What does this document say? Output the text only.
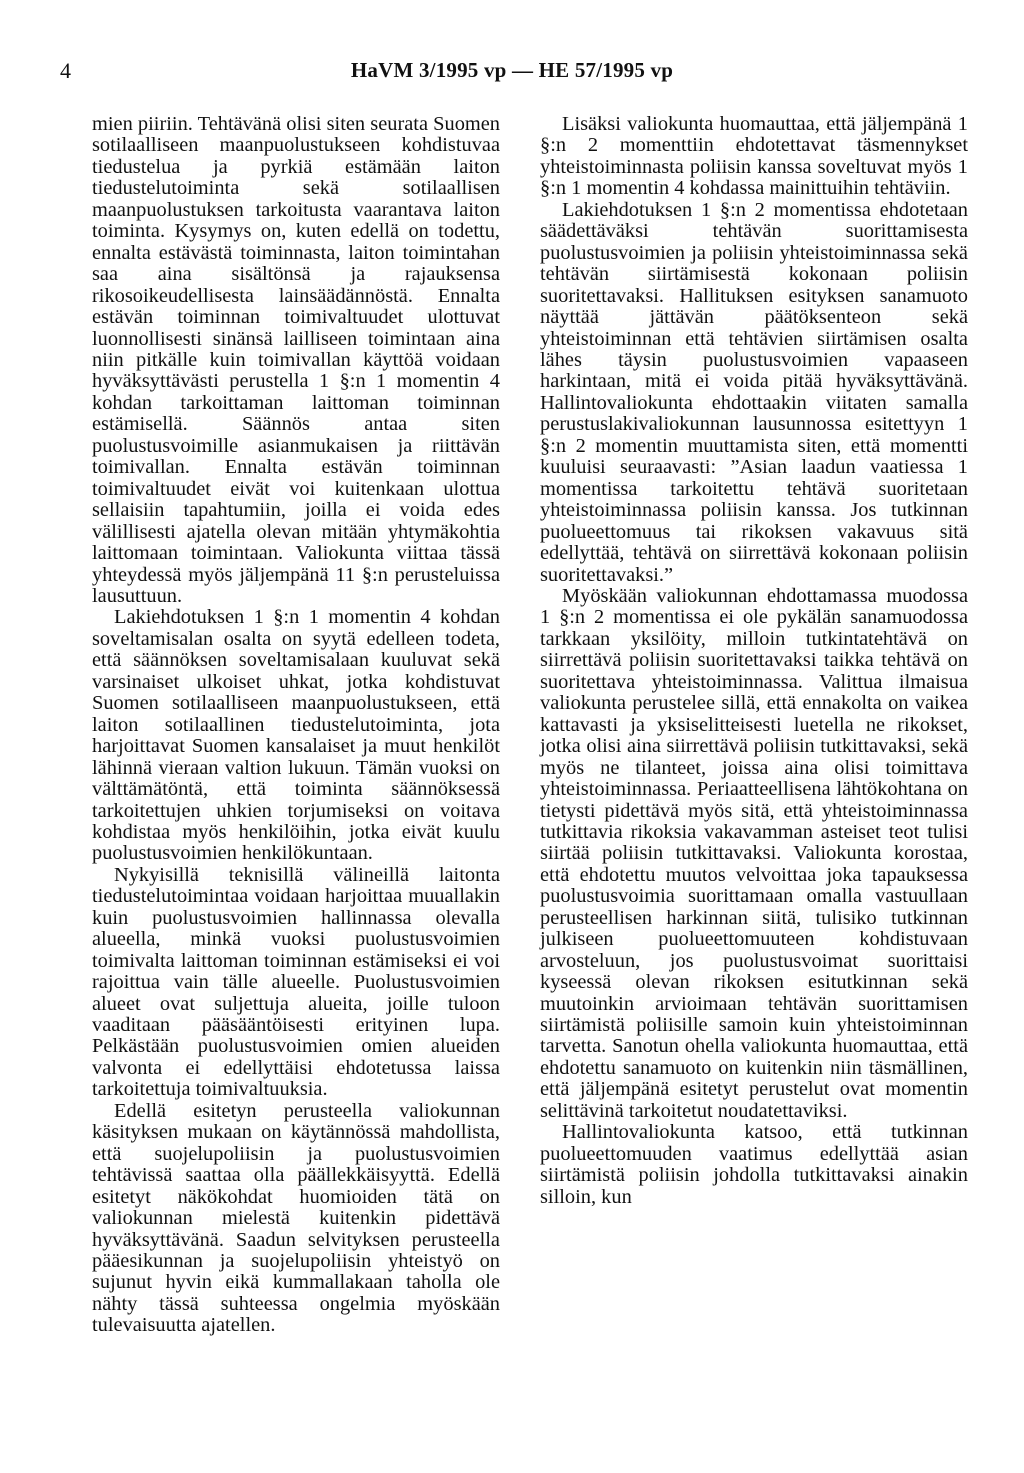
4	HaVM 3/1995 vp — HE 57/1995 vp

mien piiriin. Tehtävänä olisi siten seurata Suomen sotilaalliseen maanpuolustukseen kohdistuvaa tiedustelua ja pyrkiä estämään laiton tiedustelutoiminta sekä sotilaallisen maanpuolustuksen tarkoitusta vaarantava laiton toiminta. Kysymys on, kuten edellä on todettu, ennalta estävästä toiminnasta, laiton toimintahan saa aina sisältönsä ja rajauksensa rikosoikeudellisesta lainsäädännöstä. Ennalta estävän toiminnan toimivaltuudet ulottuvat luonnollisesti sinänsä lailliseen toimintaan aina niin pitkälle kuin toimivallan käyttöä voidaan hyväksyttävästi perustella 1 §:n 1 momentin 4 kohdan tarkoittaman laittoman toiminnan estämisellä. Säännös antaa siten puolustusvoimille asianmukaisen ja riittävän toimivallan. Ennalta estävän toiminnan toimivaltuudet eivät voi kuitenkaan ulottua sellaisiin tapahtumiin, joilla ei voida edes välillisesti ajatella olevan mitään yhtymäkohtia laittomaan toimintaan. Valiokunta viittaa tässä yhteydessä myös jäljempänä 11 §:n perusteluissa lausuttuun.

Lakiehdotuksen 1 §:n 1 momentin 4 kohdan soveltamisalan osalta on syytä edelleen todeta, että säännöksen soveltamisalaan kuuluvat sekä varsinaiset ulkoiset uhkat, jotka kohdistuvat Suomen sotilaalliseen maanpuolustukseen, että laiton sotilaallinen tiedustelutoiminta, jota harjoittavat Suomen kansalaiset ja muut henkilöt lähinnä vieraan valtion lukuun. Tämän vuoksi on välttämätöntä, että toiminta säännöksessä tarkoitettujen uhkien torjumiseksi on voitava kohdistaa myös henkilöihin, jotka eivät kuulu puolustusvoimien henkilökuntaan.

Nykyisillä teknisillä välineillä laitonta tiedustelutoimintaa voidaan harjoittaa muuallakin kuin puolustusvoimien hallinnassa olevalla alueella, minkä vuoksi puolustusvoimien toimivalta laittoman toiminnan estämiseksi ei voi rajoittua vain tälle alueelle. Puolustusvoimien alueet ovat suljettuja alueita, joille tuloon vaaditaan pääsääntöisesti erityinen lupa. Pelkästään puolustusvoimien omien alueiden valvonta ei edellyttäisi ehdotetussa laissa tarkoitettuja toimivaltuuksia.

Edellä esitetyn perusteella valiokunnan käsityksen mukaan on käytännössä mahdollista, että suojelupoliisin ja puolustusvoimien tehtävissä saattaa olla päällekkäisyyttä. Edellä esitetyt näkökohdat huomioiden tätä on valiokunnan mielestä kuitenkin pidettävä hyväksyttävänä. Saadun selvityksen perusteella pääesikunnan ja suojelupoliisin yhteistyö on sujunut hyvin eikä kummallakaan taholla ole nähty tässä suhteessa ongelmia myöskään tulevaisuutta ajatellen.

Lisäksi valiokunta huomauttaa, että jäljempänä 1 §:n 2 momenttiin ehdotettavat täsmennykset yhteistoiminnasta poliisin kanssa soveltuvat myös 1 §:n 1 momentin 4 kohdassa mainittuihin tehtäviin.

Lakiehdotuksen 1 §:n 2 momentissa ehdotetaan säädettäväksi tehtävän suorittamisesta puolustusvoimien ja poliisin yhteistoiminnassa sekä tehtävän siirtämisestä kokonaan poliisin suoritettavaksi. Hallituksen esityksen sanamuoto näyttää jättävän päätöksenteon sekä yhteistoiminnan että tehtävien siirtämisen osalta lähes täysin puolustusvoimien vapaaseen harkintaan, mitä ei voida pitää hyväksyttävänä. Hallintovaliokunta ehdottaakin viitaten samalla perustuslakivaliokunnan lausunnossa esitettyyn 1 §:n 2 momentin muuttamista siten, että momentti kuuluisi seuraavasti: ”Asian laadun vaatiessa 1 momentissa tarkoitettu tehtävä suoritetaan yhteistoiminnassa poliisin kanssa. Jos tutkinnan puolueettomuus tai rikoksen vakavuus sitä edellyttää, tehtävä on siirrettävä kokonaan poliisin suoritettavaksi.”

Myöskään valiokunnan ehdottamassa muodossa 1 §:n 2 momentissa ei ole pykälän sanamuodossa tarkkaan yksilöity, milloin tutkintatehtävä on siirrettävä poliisin suoritettavaksi taikka tehtävä on suoritettava yhteistoiminnassa. Valittua ilmaisua valiokunta perustelee sillä, että ennakolta on vaikea kattavasti ja yksiselitteisesti luetella ne rikokset, jotka olisi aina siirrettävä poliisin tutkittavaksi, sekä myös ne tilanteet, joissa aina olisi toimittava yhteistoiminnassa. Periaatteellisena lähtökohtana on tietysti pidettävä myös sitä, että yhteistoiminnassa tutkittavia rikoksia vakavamman asteiset teot tulisi siirtää poliisin tutkittavaksi. Valiokunta korostaa, että ehdotettu muutos velvoittaa joka tapauksessa puolustusvoimia suorittamaan omalla vastuullaan perusteellisen harkinnan siitä, tulisiko tutkinnan julkiseen puolueettomuuteen kohdistuvaan arvosteluun, jos puolustusvoimat suorittaisi kyseessä olevan rikoksen esitutkinnan sekä muutoinkin arvioimaan tehtävän suorittamisen siirtämistä poliisille samoin kuin yhteistoiminnan tarvetta. Sanotun ohella valiokunta huomauttaa, että ehdotettu sanamuoto on kuitenkin niin täsmällinen, että jäljempänä esitetyt perustelut ovat momentin selittävinä tarkoitetut noudatettaviksi.

Hallintovaliokunta katsoo, että tutkinnan puolueettomuuden vaatimus edellyttää asian siirtämistä poliisin johdolla tutkittavaksi ainakin silloin, kun
